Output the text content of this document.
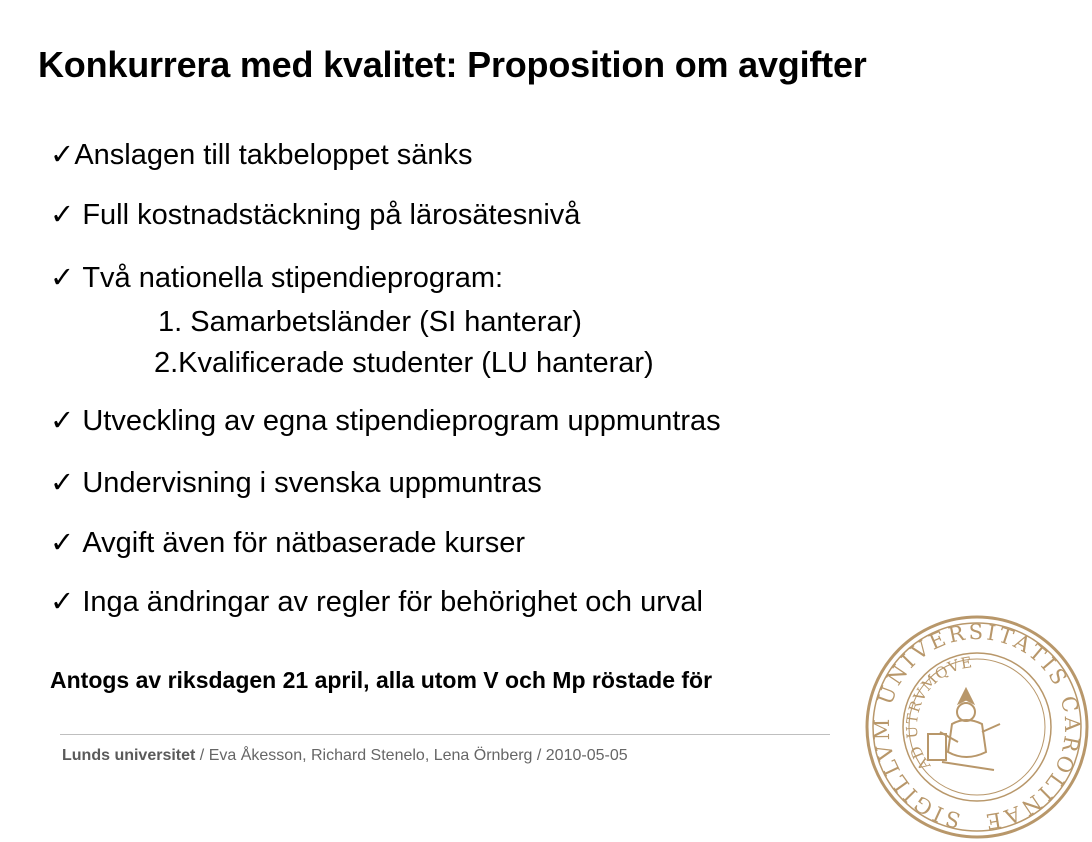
Konkurrera med kvalitet: Proposition om avgifter
✓Anslagen till takbeloppet sänks
✓ Full kostnadstäckning på lärosätesnivå
✓ Två nationella stipendieprogram:
1. Samarbetsländer (SI hanterar)
2.Kvalificerade studenter (LU hanterar)
✓ Utveckling av egna stipendieprogram uppmuntras
✓ Undervisning i svenska uppmuntras
✓ Avgift även för nätbaserade kurser
✓ Inga ändringar av regler för behörighet och urval
Antogs av riksdagen 21 april, alla utom V och Mp röstade för
Lunds universitet / Eva Åkesson, Richard Stenelo, Lena Örnberg / 2010-05-05
SIGILLVM UNIVERSITATIS CAROLINAE
AD UTRVMQVE
